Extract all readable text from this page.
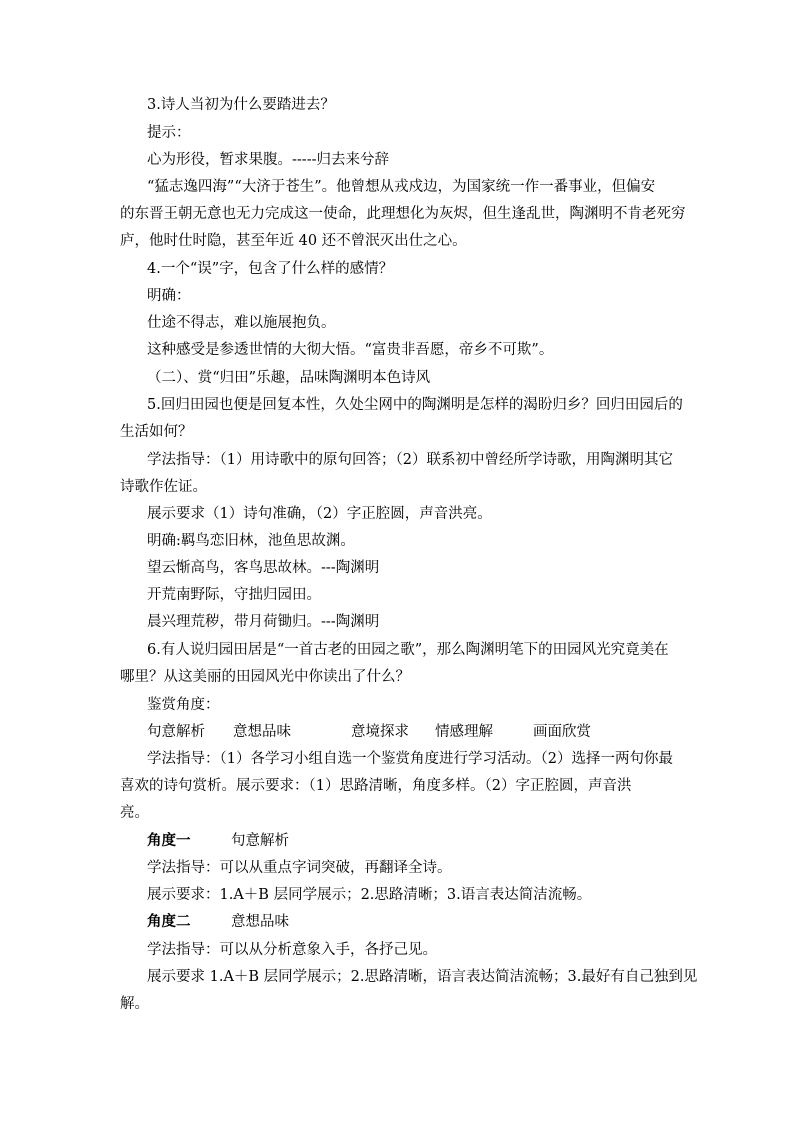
3.诗人当初为什么要踏进去？
提示：
心为形役，暂求果腹。-----归去来兮辞
“猛志逸四海”“大济于苍生”。他曾想从戎戍边，为国家统一作一番事业，但偏安
的东晋王朝无意也无力完成这一使命，此理想化为灰烬，但生逢乱世，陶渊明不肯老死穷
庐，他时仕时隐，甚至年近 40 还不曾泯灭出仕之心。
4.一个“误”字，包含了什么样的感情？
明确：
仕途不得志，难以施展抱负。
这种感受是参透世情的大彻大悟。“富贵非吾愿，帝乡不可欺”。
（二）、赏“归田”乐趣，品味陶渊明本色诗风
5.回归田园也便是回复本性，久处尘网中的陶渊明是怎样的渴盼归乡？回归田园后的
生活如何？
学法指导：（1）用诗歌中的原句回答；（2）联系初中曾经所学诗歌，用陶渊明其它
诗歌作佐证。
展示要求（1）诗句准确，（2）字正腔圆，声音洪亮。
明确:羁鸟恋旧林，池鱼思故渊。
望云惭高鸟，客鸟思故林。---陶渊明
开荒南野际，守拙归园田。
晨兴理荒秽，带月荷锄归。---陶渊明
6.有人说归园田居是“一首古老的田园之歌”，那么陶渊明笔下的田园风光究竟美在
哪里？从这美丽的田园风光中你读出了什么？
鉴赏角度：
句意解析	意想品味	意境探求	情感理解	画面欣赏
学法指导：（1）各学习小组自选一个鉴赏角度进行学习活动。（2）选择一两句你最
喜欢的诗句赏析。展示要求：（1）思路清晰，角度多样。（2）字正腔圆，声音洪
亮。
角度一	句意解析
学法指导：可以从重点字词突破，再翻译全诗。
展示要求：1.A＋B 层同学展示；2.思路清晰；3.语言表达简洁流畅。
角度二	意想品味
学法指导：可以从分析意象入手，各抒己见。
展示要求 1.A＋B 层同学展示；2.思路清晰，语言表达简洁流畅；3.最好有自己独到见
解。
